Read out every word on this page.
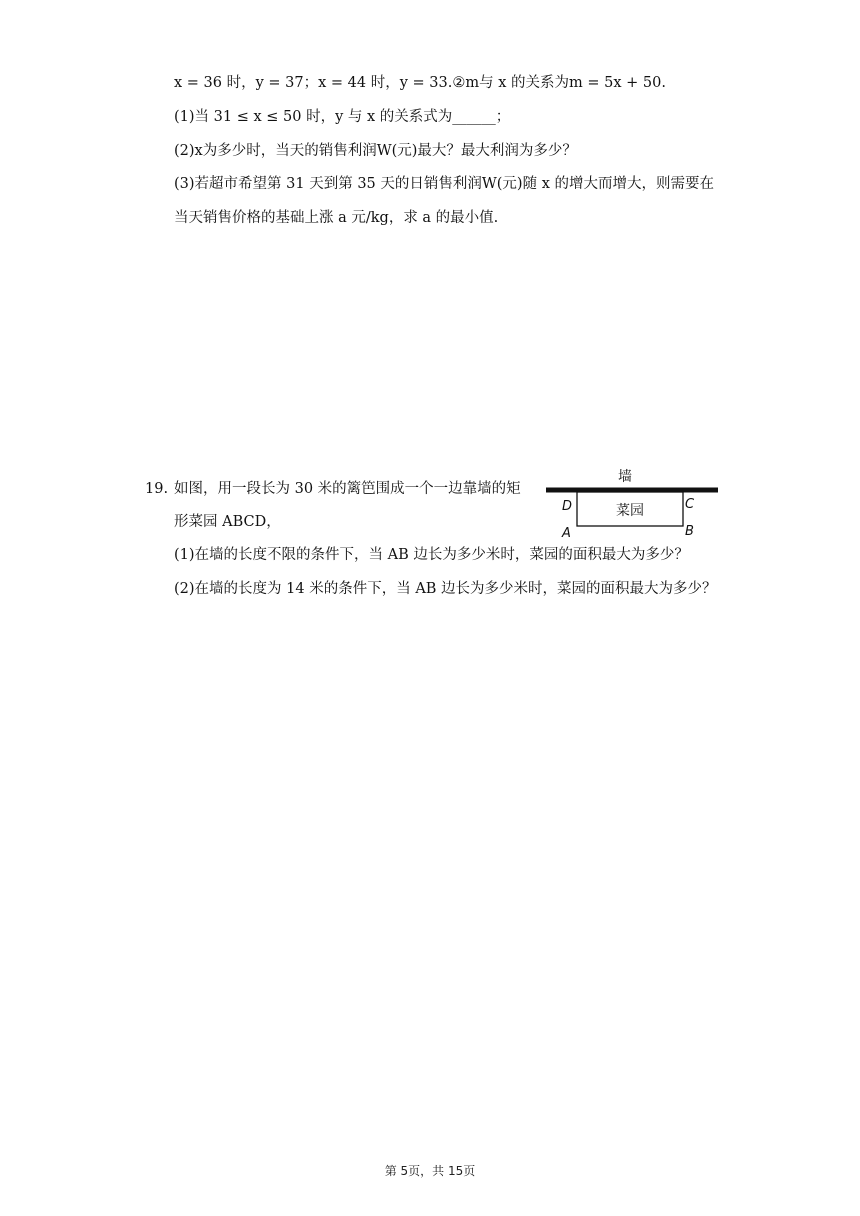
x = 36 时，y = 37；x = 44 时，y = 33.②m与 x 的关系为m = 5x + 50.
(1)当 31 ≤ x ≤ 50 时，y 与 x 的关系式为______；
(2)x为多少时，当天的销售利润W(元)最大？最大利润为多少？
(3)若超市希望第 31 天到第 35 天的日销售利润W(元)随 x 的增大而增大，则需要在
当天销售价格的基础上涨 a 元/kg，求 a 的最小值.
19. 如图，用一段长为 30 米的篱笆围成一个一边靠墙的矩
形菜园 ABCD，
(1)在墙的长度不限的条件下，当 AB 边长为多少米时，菜园的面积最大为多少？
(2)在墙的长度为 14 米的条件下，当 AB 边长为多少米时，菜园的面积最大为多少？
墙
菜园
D	C
A	B
第 5页，共 15页
